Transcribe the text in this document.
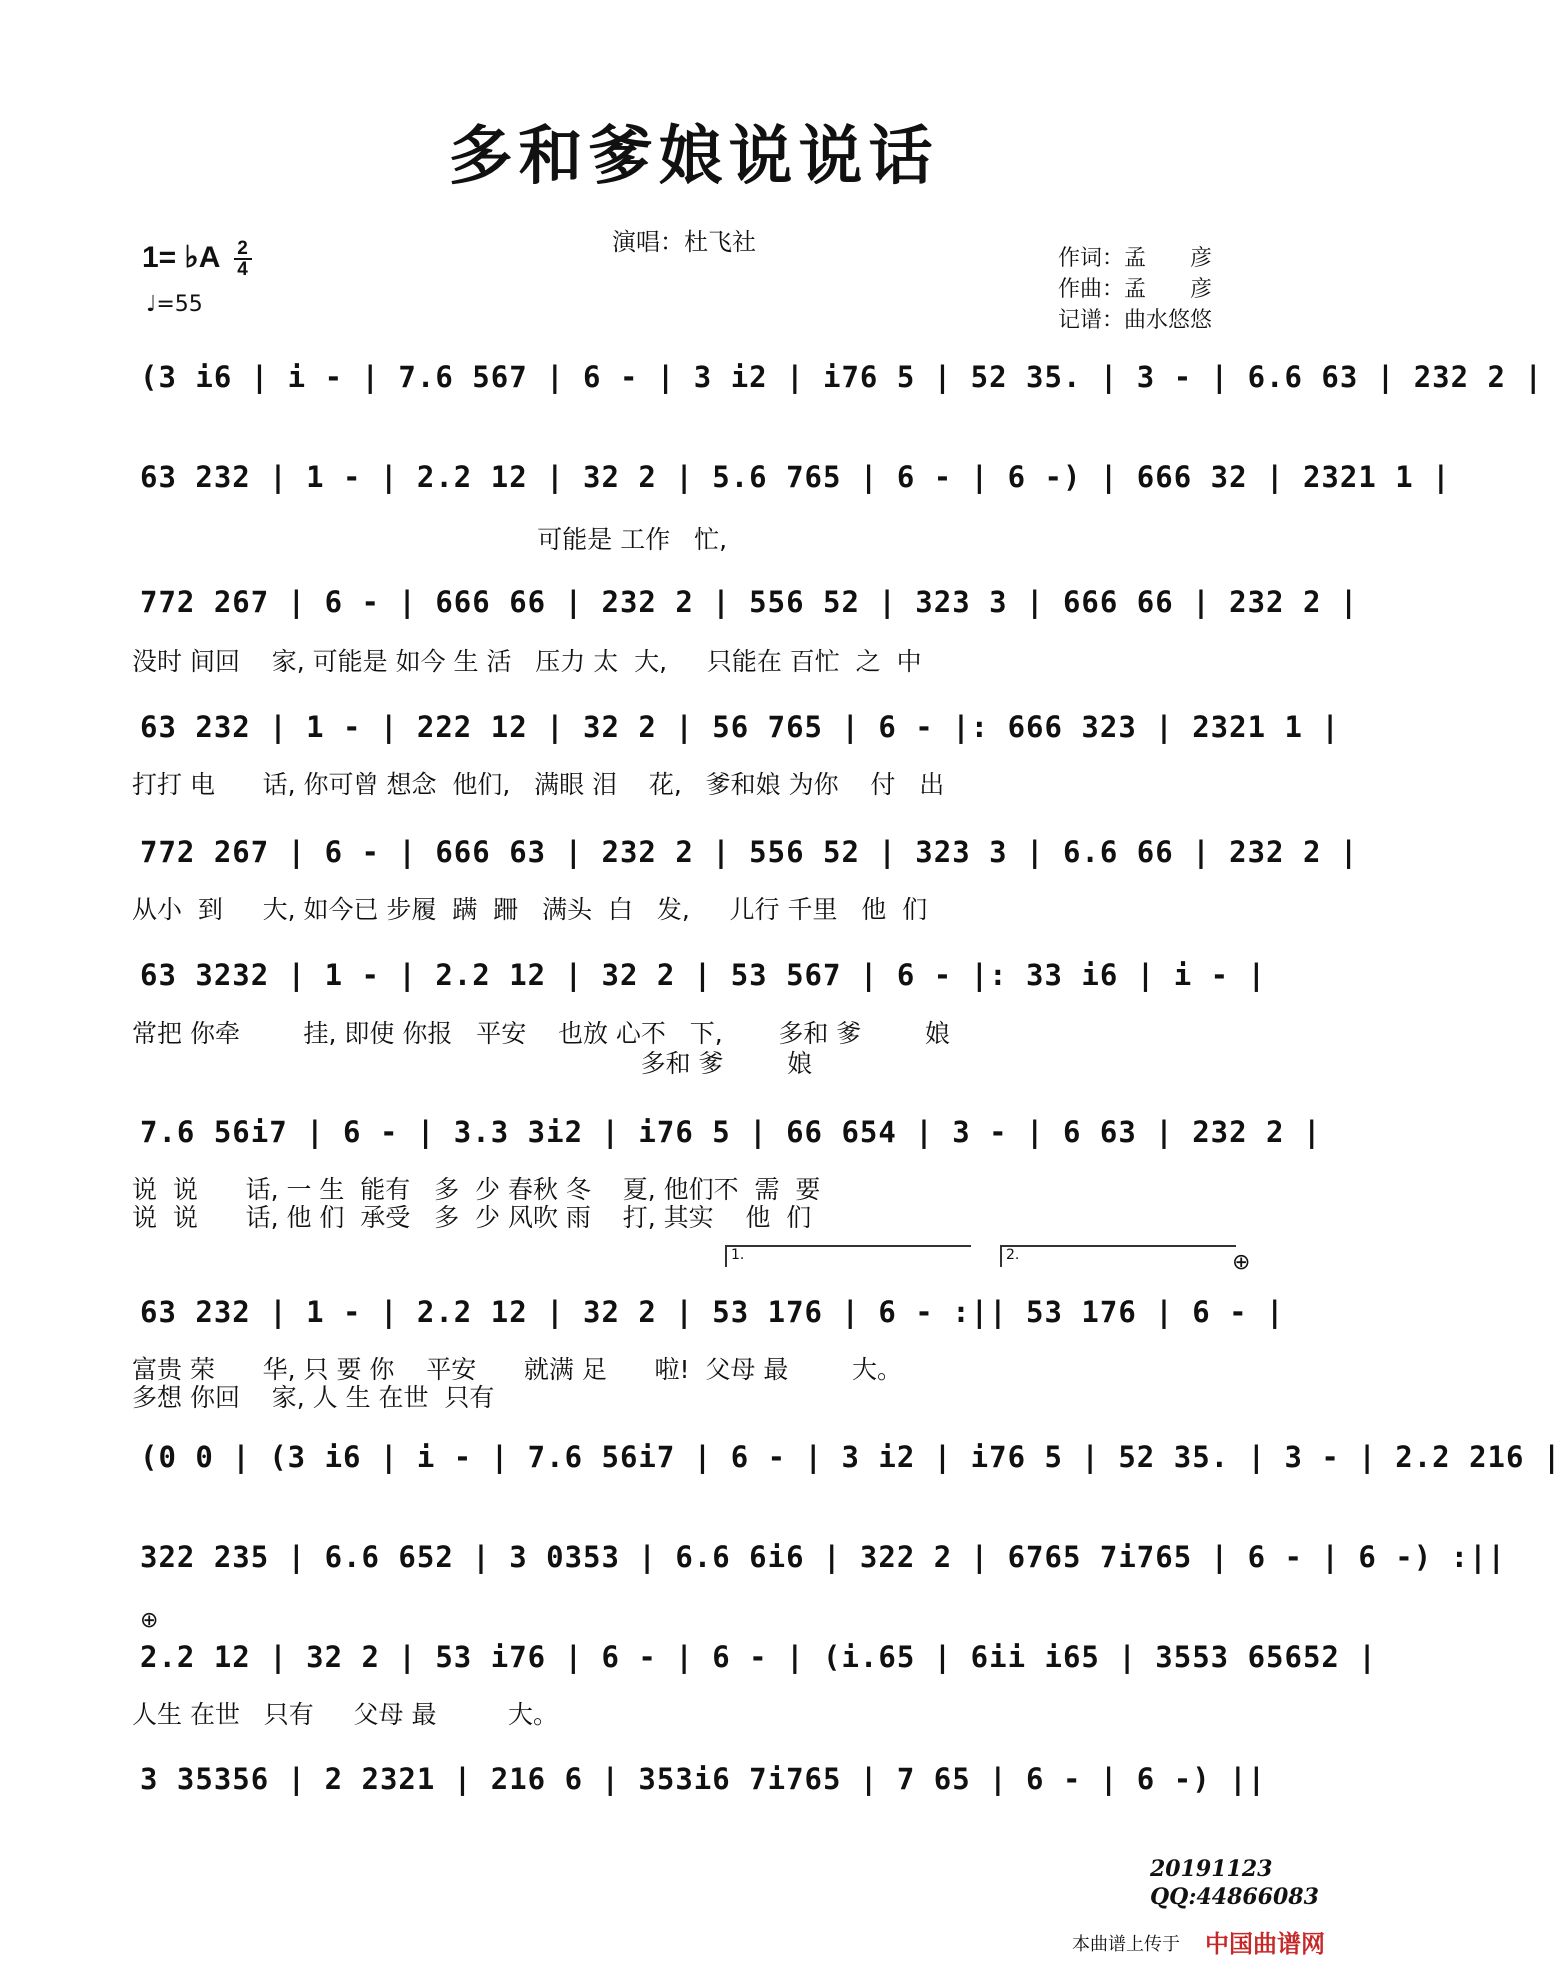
多和爹娘说说话
演唱：杜飞社
作词：孟　　彦
作曲：孟　　彦
记谱：曲水悠悠
1= ♭A $\frac{2}{4}$
♩=55
(3 i6 | i - | 7.6 567 | 6 - | 3 i2 | i76 5 | 52 35. | 3 - | 6.6 63 | 232 2 |
63 232 | 1 - | 2.2 12 | 32 2 | 5.6 765 | 6 - | 6 -) | 666 32 | 2321 1 |
可能是 工作   忙,
772 267 | 6 - | 666 66 | 232 2 | 556 52 | 323 3 | 666 66 | 232 2 |
没时 间回    家, 可能是 如今 生 活   压力 太  大,     只能在 百忙  之  中
63 232 | 1 - | 222 12 | 32 2 | 56 765 | 6 - |: 666 323 | 2321 1 |
打打 电      话, 你可曾 想念  他们,   满眼 泪    花,   爹和娘 为你    付   出
772 267 | 6 - | 666 63 | 232 2 | 556 52 | 323 3 | 6.6 66 | 232 2 |
从小  到     大, 如今已 步履  蹒  跚   满头  白   发,     儿行 千里   他  们
63 3232 | 1 - | 2.2 12 | 32 2 | 53 567 | 6 - |: 33 i6 | i - |
常把 你牵        挂, 即使 你报   平安    也放 心不   下,       多和 爹        娘
多和 爹        娘
7.6 56i7 | 6 - | 3.3 3i2 | i76 5 | 66 654 | 3 - | 6 63 | 232 2 |
说  说      话, 一 生  能有   多  少 春秋 冬    夏, 他们不  需  要
说  说      话, 他 们  承受   多  少 风吹 雨    打, 其实    他  们
1.	2.	⊕
63 232 | 1 - | 2.2 12 | 32 2 | 53 176 | 6 - :|| 53 176 | 6 - |
富贵 荣      华, 只 要 你    平安      就满 足      啦!  父母 最        大。
多想 你回    家, 人 生 在世  只有
(0 0 | (3 i6 | i - | 7.6 56i7 | 6 - | 3 i2 | i76 5 | 52 35. | 3 - | 2.2 216 |
322 235 | 6.6 652 | 3 0353 | 6.6 6i6 | 322 2 | 6765 7i765 | 6 - | 6 -) :||
⊕
2.2 12 | 32 2 | 53 i76 | 6 - | 6 - | (i.65 | 6ii i65 | 3553 65652 |
人生 在世   只有     父母 最         大。
3 35356 | 2 2321 | 216 6 | 353i6 7i765 | 7 65 | 6 - | 6 -) ||
20191123
QQ:44866083
本曲谱上传于 中国曲谱网
